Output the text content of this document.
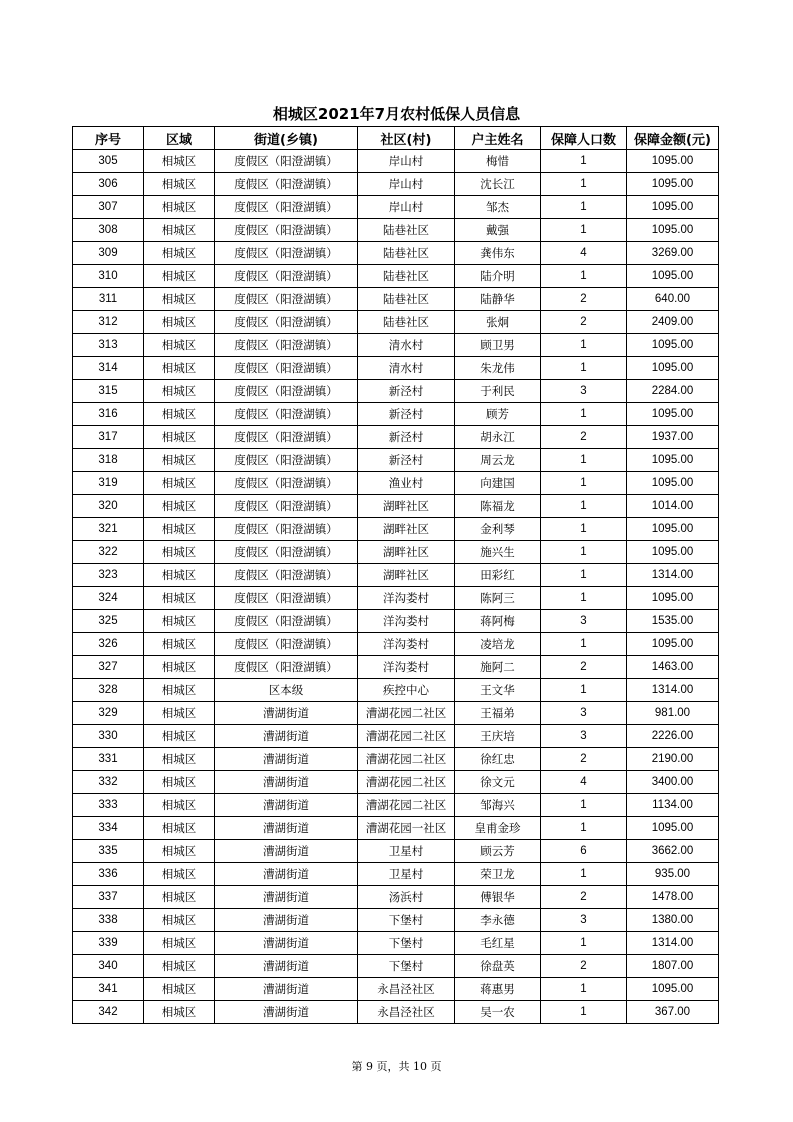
相城区2021年7月农村低保人员信息
序号	区域	街道(乡镇)	社区(村)	户主姓名	保障人口数	保障金额(元)
305	相城区	度假区（阳澄湖镇）	岸山村	梅惜	1	1095.00
306	相城区	度假区（阳澄湖镇）	岸山村	沈长江	1	1095.00
307	相城区	度假区（阳澄湖镇）	岸山村	邹杰	1	1095.00
308	相城区	度假区（阳澄湖镇）	陆巷社区	戴强	1	1095.00
309	相城区	度假区（阳澄湖镇）	陆巷社区	龚伟东	4	3269.00
310	相城区	度假区（阳澄湖镇）	陆巷社区	陆介明	1	1095.00
311	相城区	度假区（阳澄湖镇）	陆巷社区	陆静华	2	640.00
312	相城区	度假区（阳澄湖镇）	陆巷社区	张炯	2	2409.00
313	相城区	度假区（阳澄湖镇）	清水村	顾卫男	1	1095.00
314	相城区	度假区（阳澄湖镇）	清水村	朱龙伟	1	1095.00
315	相城区	度假区（阳澄湖镇）	新泾村	于利民	3	2284.00
316	相城区	度假区（阳澄湖镇）	新泾村	顾芳	1	1095.00
317	相城区	度假区（阳澄湖镇）	新泾村	胡永江	2	1937.00
318	相城区	度假区（阳澄湖镇）	新泾村	周云龙	1	1095.00
319	相城区	度假区（阳澄湖镇）	渔业村	向建国	1	1095.00
320	相城区	度假区（阳澄湖镇）	湖畔社区	陈福龙	1	1014.00
321	相城区	度假区（阳澄湖镇）	湖畔社区	金利琴	1	1095.00
322	相城区	度假区（阳澄湖镇）	湖畔社区	施兴生	1	1095.00
323	相城区	度假区（阳澄湖镇）	湖畔社区	田彩红	1	1314.00
324	相城区	度假区（阳澄湖镇）	洋沟娄村	陈阿三	1	1095.00
325	相城区	度假区（阳澄湖镇）	洋沟娄村	蒋阿梅	3	1535.00
326	相城区	度假区（阳澄湖镇）	洋沟娄村	凌培龙	1	1095.00
327	相城区	度假区（阳澄湖镇）	洋沟娄村	施阿二	2	1463.00
328	相城区	区本级	疾控中心	王文华	1	1314.00
329	相城区	漕湖街道	漕湖花园二社区	王福弟	3	981.00
330	相城区	漕湖街道	漕湖花园二社区	王庆培	3	2226.00
331	相城区	漕湖街道	漕湖花园二社区	徐红忠	2	2190.00
332	相城区	漕湖街道	漕湖花园二社区	徐文元	4	3400.00
333	相城区	漕湖街道	漕湖花园二社区	邹海兴	1	1134.00
334	相城区	漕湖街道	漕湖花园一社区	皇甫金珍	1	1095.00
335	相城区	漕湖街道	卫星村	顾云芳	6	3662.00
336	相城区	漕湖街道	卫星村	荣卫龙	1	935.00
337	相城区	漕湖街道	汤浜村	傅银华	2	1478.00
338	相城区	漕湖街道	下堡村	李永德	3	1380.00
339	相城区	漕湖街道	下堡村	毛红星	1	1314.00
340	相城区	漕湖街道	下堡村	徐盘英	2	1807.00
341	相城区	漕湖街道	永昌泾社区	蒋惠男	1	1095.00
342	相城区	漕湖街道	永昌泾社区	吴一农	1	367.00
第 9 页，共 10 页
